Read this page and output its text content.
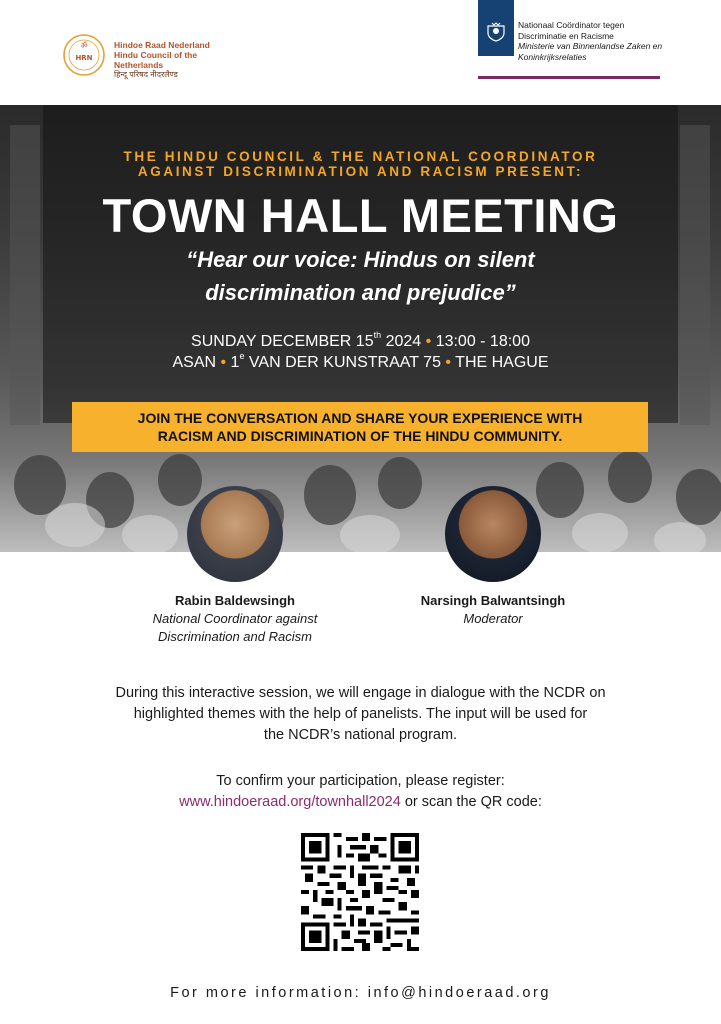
ॐ
HRN
Hindoe Raad Nederland
Hindu Council of the Netherlands
हिन्दू परिषद नीदरलैण्ड
Nationaal Coördinator tegen
Discriminatie en Racisme
Ministerie van Binnenlandse Zaken en
Koninkrijksrelaties
THE HINDU COUNCIL & THE NATIONAL COORDINATOR
AGAINST DISCRIMINATION AND RACISM PRESENT:
TOWN HALL MEETING
“Hear our voice: Hindus on silent
discrimination and prejudice”
SUNDAY DECEMBER 15th 2024 • 13:00 - 18:00
ASAN • 1e VAN DER KUNSTRAAT 75 • THE HAGUE
JOIN THE CONVERSATION AND SHARE YOUR EXPERIENCE WITH
RACISM AND DISCRIMINATION OF THE HINDU COMMUNITY.
Rabin Baldewsingh
National Coordinator against
Discrimination and Racism
Narsingh Balwantsingh
Moderator
During this interactive session, we will engage in dialogue with the NCDR on
highlighted themes with the help of panelists. The input will be used for
the NCDR’s national program.
To confirm your participation, please register:
www.hindoeraad.org/townhall2024 or scan the QR code:
For more information: info@hindoeraad.org
